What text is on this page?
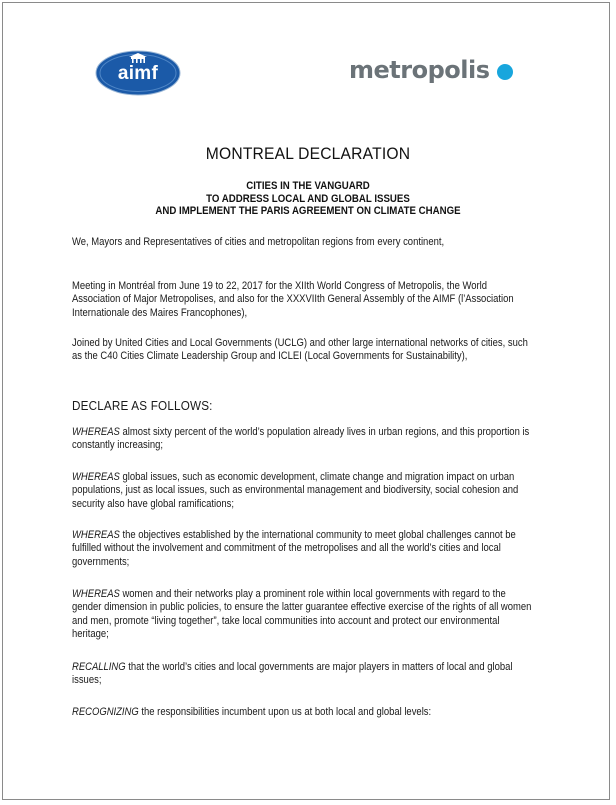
aimf	metropolis
MONTREAL DECLARATION
CITIES IN THE VANGUARD
TO ADDRESS LOCAL AND GLOBAL ISSUES
AND IMPLEMENT THE PARIS AGREEMENT ON CLIMATE CHANGE
We, Mayors and Representatives of cities and metropolitan regions from every continent,
Meeting in Montréal from June 19 to 22, 2017 for the XIIth World Congress of Metropolis, the World Association of Major Metropolises, and also for the XXXVIIth General Assembly of the AIMF (l’Association Internationale des Maires Francophones),
Joined by United Cities and Local Governments (UCLG) and other large international networks of cities, such as the C40 Cities Climate Leadership Group and ICLEI (Local Governments for Sustainability),
DECLARE AS FOLLOWS:
WHEREAS almost sixty percent of the world’s population already lives in urban regions, and this proportion is constantly increasing;
WHEREAS global issues, such as economic development, climate change and migration impact on urban populations, just as local issues, such as environmental management and biodiversity, social cohesion and security also have global ramifications;
WHEREAS the objectives established by the international community to meet global challenges cannot be fulfilled without the involvement and commitment of the metropolises and all the world’s cities and local governments;
WHEREAS women and their networks play a prominent role within local governments with regard to the gender dimension in public policies, to ensure the latter guarantee effective exercise of the rights of all women and men, promote “living together”, take local communities into account and protect our environmental heritage;
RECALLING that the world’s cities and local governments are major players in matters of local and global issues;
RECOGNIZING the responsibilities incumbent upon us at both local and global levels:
